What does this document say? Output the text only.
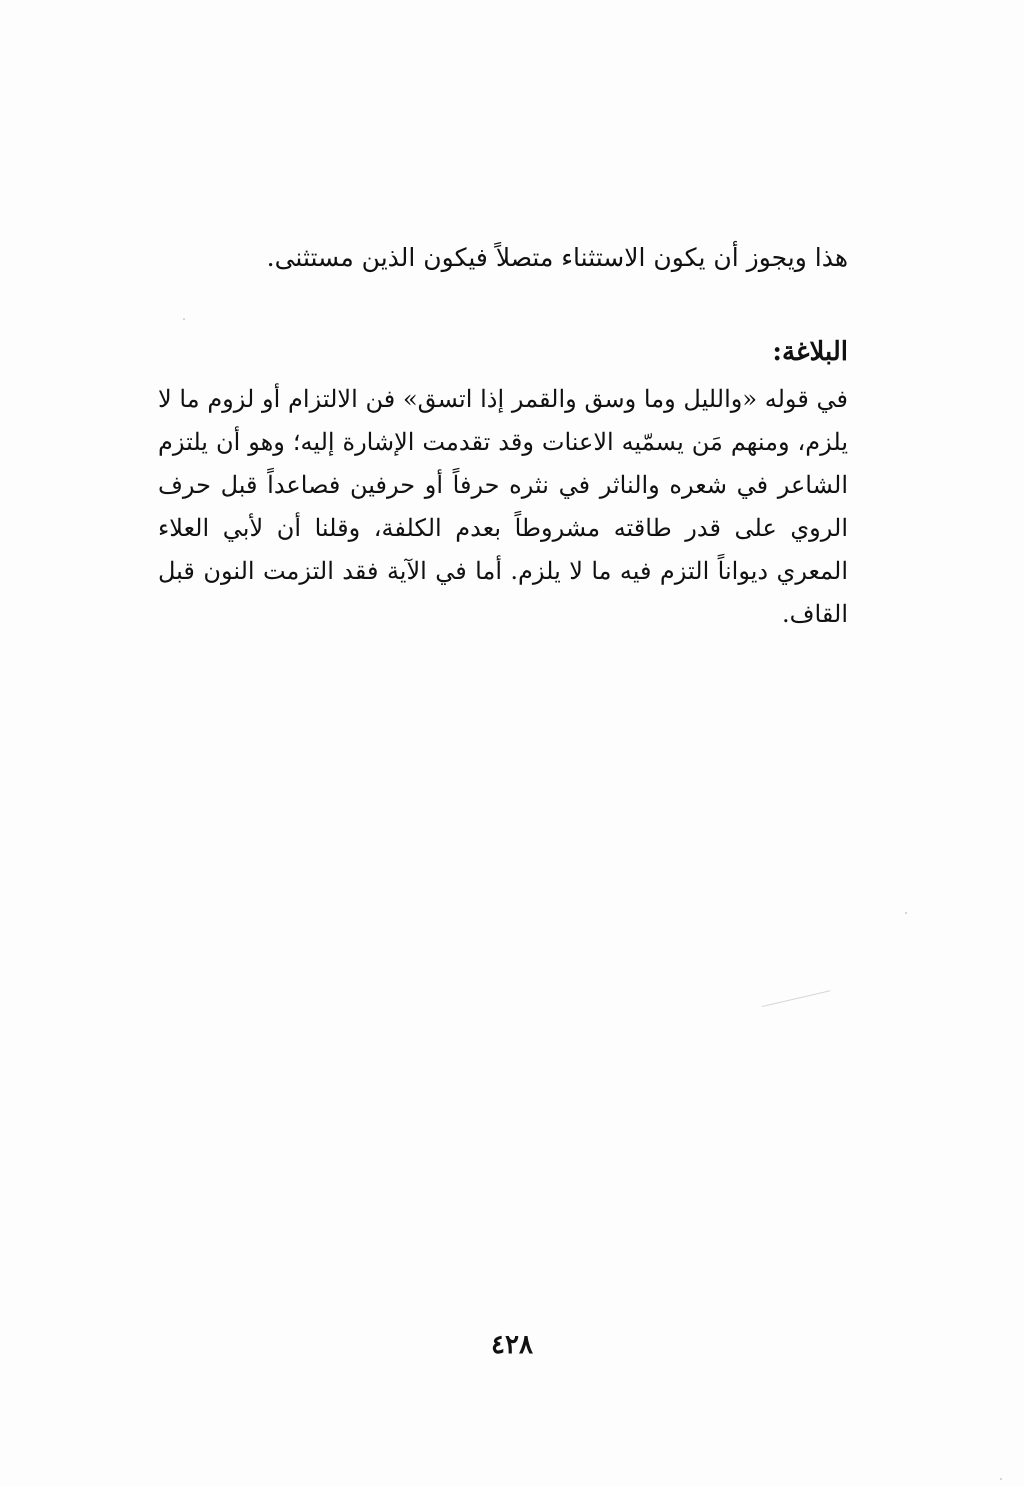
هذا ويجوز أن يكون الاستثناء متصلاً فيكون الذين مستثنى.
البلاغة:
في قوله «والليل وما وسق والقمر إذا اتسق» فن الالتزام أو لزوم ما لا يلزم، ومنهم مَن يسمّيه الاعنات وقد تقدمت الإشارة إليه؛ وهو أن يلتزم الشاعر في شعره والناثر في نثره حرفاً أو حرفين فصاعداً قبل حرف الروي على قدر طاقته مشروطاً بعدم الكلفة، وقلنا أن لأبي العلاء المعري ديواناً التزم فيه ما لا يلزم. أما في الآية فقد التزمت النون قبل القاف.
٤٢٨
